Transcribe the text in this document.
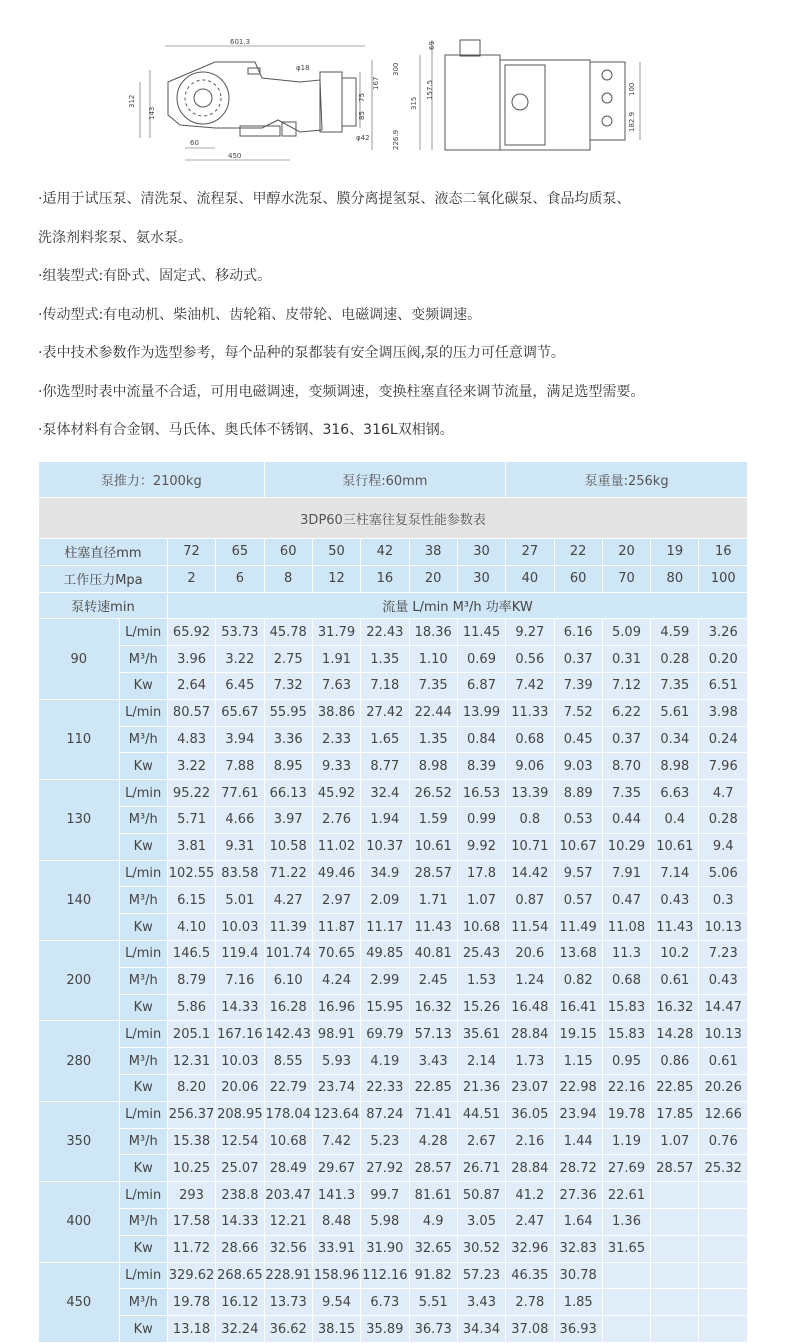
601.3
φ18
312
143
60
450
300
167
75
85
φ42	226.9
69
157.5
315
100
182.9

·适用于试压泵、清洗泵、流程泵、甲醇水洗泵、膜分离提氢泵、液态二氧化碳泵、食品均质泵、

洗涤剂料浆泵、氨水泵。

·组装型式:有卧式、固定式、移动式。

·传动型式:有电动机、柴油机、齿轮箱、皮带轮、电磁调速、变频调速。

·表中技术参数作为选型参考，每个品种的泵都装有安全调压阀,泵的压力可任意调节。

·你选型时表中流量不合适，可用电磁调速，变频调速，变换柱塞直径来调节流量，满足选型需要。

·泵体材料有合金钢、马氏体、奥氏体不锈钢、316、316L双相钢。

泵推力：2100kg				泵行程:60mm					泵重量:256kg				
3DP60三柱塞往复泵性能参数表													
柱塞直径mm		72	65	60	50	42	38	30	27	22	20	19	16
工作压力Mpa		2	6	8	12	16	20	30	40	60	70	80	100
泵转速min		流量 L/min M³/h 功率KW											
90	L/min	65.92	53.73	45.78	31.79	22.43	18.36	11.45	9.27	6.16	5.09	4.59	3.26
	M³/h	3.96	3.22	2.75	1.91	1.35	1.10	0.69	0.56	0.37	0.31	0.28	0.20
	Kw	2.64	6.45	7.32	7.63	7.18	7.35	6.87	7.42	7.39	7.12	7.35	6.51
110	L/min	80.57	65.67	55.95	38.86	27.42	22.44	13.99	11.33	7.52	6.22	5.61	3.98
	M³/h	4.83	3.94	3.36	2.33	1.65	1.35	0.84	0.68	0.45	0.37	0.34	0.24
	Kw	3.22	7.88	8.95	9.33	8.77	8.98	8.39	9.06	9.03	8.70	8.98	7.96
130	L/min	95.22	77.61	66.13	45.92	32.4	26.52	16.53	13.39	8.89	7.35	6.63	4.7
	M³/h	5.71	4.66	3.97	2.76	1.94	1.59	0.99	0.8	0.53	0.44	0.4	0.28
	Kw	3.81	9.31	10.58	11.02	10.37	10.61	9.92	10.71	10.67	10.29	10.61	9.4
140	L/min	102.55	83.58	71.22	49.46	34.9	28.57	17.8	14.42	9.57	7.91	7.14	5.06
	M³/h	6.15	5.01	4.27	2.97	2.09	1.71	1.07	0.87	0.57	0.47	0.43	0.3
	Kw	4.10	10.03	11.39	11.87	11.17	11.43	10.68	11.54	11.49	11.08	11.43	10.13
200	L/min	146.5	119.4	101.74	70.65	49.85	40.81	25.43	20.6	13.68	11.3	10.2	7.23
	M³/h	8.79	7.16	6.10	4.24	2.99	2.45	1.53	1.24	0.82	0.68	0.61	0.43
	Kw	5.86	14.33	16.28	16.96	15.95	16.32	15.26	16.48	16.41	15.83	16.32	14.47
280	L/min	205.1	167.16	142.43	98.91	69.79	57.13	35.61	28.84	19.15	15.83	14.28	10.13
	M³/h	12.31	10.03	8.55	5.93	4.19	3.43	2.14	1.73	1.15	0.95	0.86	0.61
	Kw	8.20	20.06	22.79	23.74	22.33	22.85	21.36	23.07	22.98	22.16	22.85	20.26
350	L/min	256.37	208.95	178.04	123.64	87.24	71.41	44.51	36.05	23.94	19.78	17.85	12.66
	M³/h	15.38	12.54	10.68	7.42	5.23	4.28	2.67	2.16	1.44	1.19	1.07	0.76
	Kw	10.25	25.07	28.49	29.67	27.92	28.57	26.71	28.84	28.72	27.69	28.57	25.32
400	L/min	293	238.8	203.47	141.3	99.7	81.61	50.87	41.2	27.36	22.61		
	M³/h	17.58	14.33	12.21	8.48	5.98	4.9	3.05	2.47	1.64	1.36		
	Kw	11.72	28.66	32.56	33.91	31.90	32.65	30.52	32.96	32.83	31.65		
450	L/min	329.62	268.65	228.91	158.96	112.16	91.82	57.23	46.35	30.78			
	M³/h	19.78	16.12	13.73	9.54	6.73	5.51	3.43	2.78	1.85			
	Kw	13.18	32.24	36.62	38.15	35.89	36.73	34.34	37.08	36.93			
